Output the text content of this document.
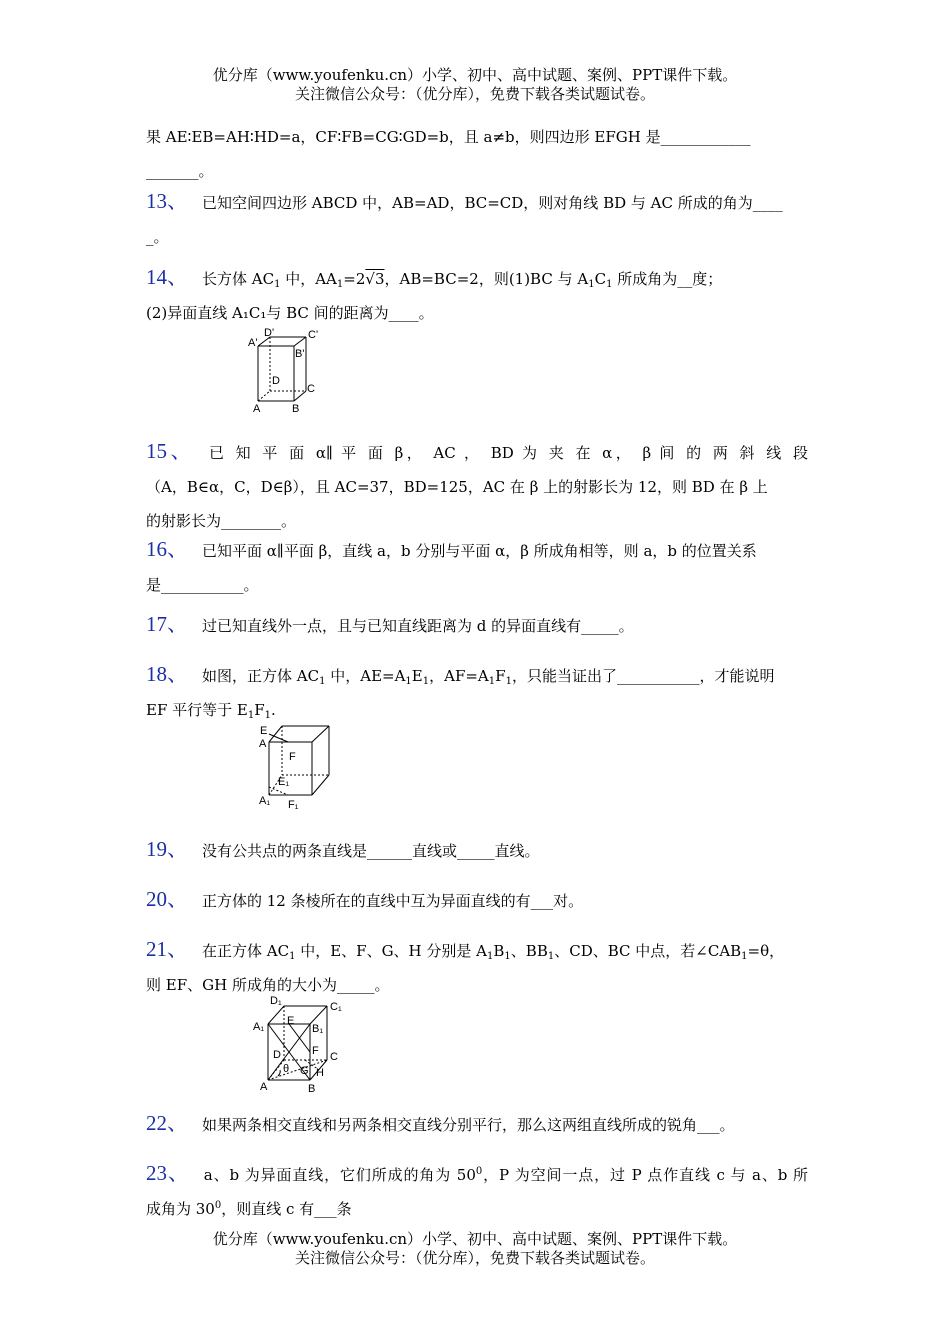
优分库（www.youfenku.cn）小学、初中、高中试题、案例、PPT课件下载。
关注微信公众号：（优分库），免费下载各类试题试卷。
果 AE∶EB=AH∶HD=a，CF∶FB=CG∶GD=b，且 a≠b，则四边形 EFGH 是____________
_______。
13、 已知空间四边形 ABCD 中，AB=AD，BC=CD，则对角线 BD 与 AC 所成的角为____
_。
14、 长方体 $AC_1$ 中，$AA_1=2√3$，AB=BC=2，则(1)BC 与 $A_1C_1$ 所成角为__度；
(2)异面直线 A₁C₁与 BC 间的距离为____。
D'	C'
A'
B'
D
C
A	B
15、 已 知 平 面 α∥ 平 面 β， AC ， BD 为 夹 在 α， β 间 的 两 斜 线 段
（A，B∈α，C，D∈β），且 AC=37，BD=125，AC 在 β 上的射影长为 12，则 BD 在 β 上
的射影长为________。
16、 已知平面 α∥平面 β，直线 a，b 分别与平面 α，β 所成角相等，则 a，b 的位置关系
是___________。
17、 过已知直线外一点，且与已知直线距离为 d 的异面直线有_____。
18、 如图，正方体 $AC_1$ 中，$AE=A_1E_1$，$AF=A_1F_1$，只能当证出了___________，才能说明
EF 平行等于 $E_1F_1$.
E
A
F
E₁
A₁ F₁
19、 没有公共点的两条直线是______直线或_____直线。
20、 正方体的 12 条棱所在的直线中互为异面直线的有___对。
21、 在正方体 $AC_1$ 中，E、F、G、H 分别是 $A_1B_1$、$BB_1$、CD、BC 中点，若$\angle CAB_1=\theta$，
则 EF、GH 所成角的大小为_____。
D₁	C₁
A₁ E
B₁
D	F C
θ G H
A	B
22、 如果两条相交直线和另两条相交直线分别平行，那么这两组直线所成的锐角___。
23、 a、b 为异面直线，它们所成的角为 $50^0$，P 为空间一点，过 P 点作直线 c 与 a、b 所
成角为 $30^0$，则直线 c 有___条
优分库（www.youfenku.cn）小学、初中、高中试题、案例、PPT课件下载。
关注微信公众号：（优分库），免费下载各类试题试卷。
